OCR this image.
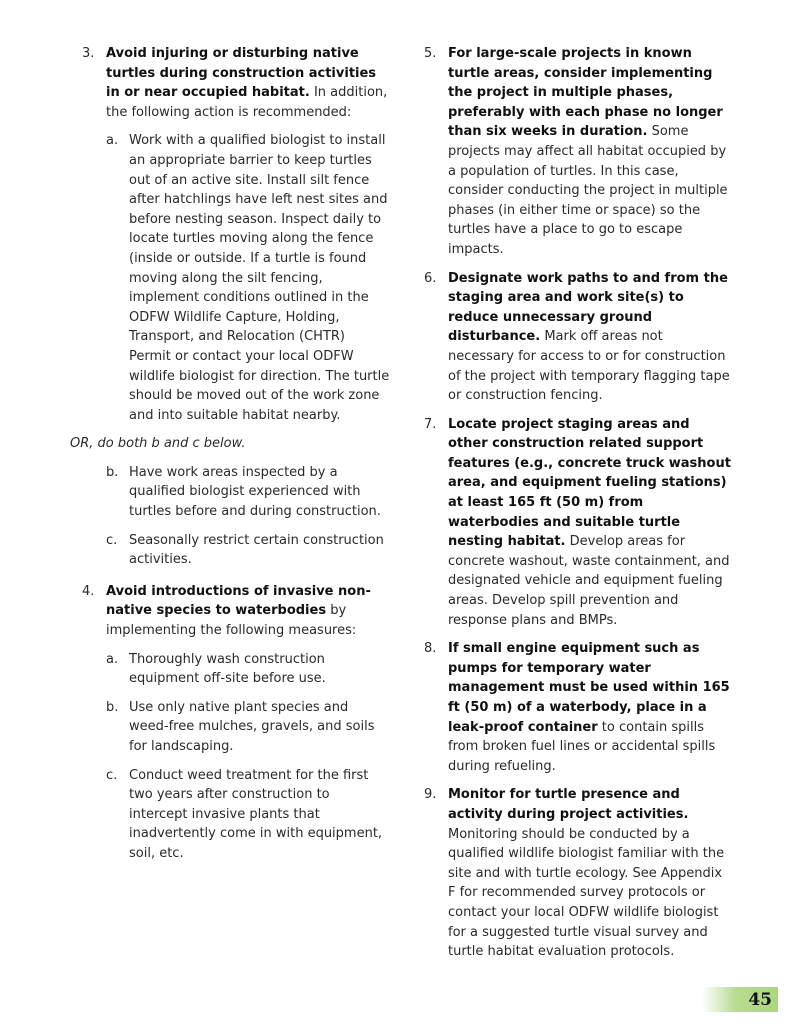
3. Avoid injuring or disturbing native turtles during construction activities in or near occupied habitat. In addition, the following action is recommended:
a. Work with a qualified biologist to install an appropriate barrier to keep turtles out of an active site. Install silt fence after hatchlings have left nest sites and before nesting season. Inspect daily to locate turtles moving along the fence (inside or outside. If a turtle is found moving along the silt fencing, implement conditions outlined in the ODFW Wildlife Capture, Holding, Transport, and Relocation (CHTR) Permit or contact your local ODFW wildlife biologist for direction. The turtle should be moved out of the work zone and into suitable habitat nearby.
OR, do both b and c below.
b. Have work areas inspected by a qualified biologist experienced with turtles before and during construction.
c. Seasonally restrict certain construction activities.
4. Avoid introductions of invasive non-native species to waterbodies by implementing the following measures:
a. Thoroughly wash construction equipment off-site before use.
b. Use only native plant species and weed-free mulches, gravels, and soils for landscaping.
c. Conduct weed treatment for the first two years after construction to intercept invasive plants that inadvertently come in with equipment, soil, etc.
5. For large-scale projects in known turtle areas, consider implementing the project in multiple phases, preferably with each phase no longer than six weeks in duration. Some projects may affect all habitat occupied by a population of turtles. In this case, consider conducting the project in multiple phases (in either time or space) so the turtles have a place to go to escape impacts.
6. Designate work paths to and from the staging area and work site(s) to reduce unnecessary ground disturbance. Mark off areas not necessary for access to or for construction of the project with temporary flagging tape or construction fencing.
7. Locate project staging areas and other construction related support features (e.g., concrete truck washout area, and equipment fueling stations) at least 165 ft (50 m) from waterbodies and suitable turtle nesting habitat. Develop areas for concrete washout, waste containment, and designated vehicle and equipment fueling areas. Develop spill prevention and response plans and BMPs.
8. If small engine equipment such as pumps for temporary water management must be used within 165 ft (50 m) of a waterbody, place in a leak-proof container to contain spills from broken fuel lines or accidental spills during refueling.
9. Monitor for turtle presence and activity during project activities. Monitoring should be conducted by a qualified wildlife biologist familiar with the site and with turtle ecology. See Appendix F for recommended survey protocols or contact your local ODFW wildlife biologist for a suggested turtle visual survey and turtle habitat evaluation protocols.
45
